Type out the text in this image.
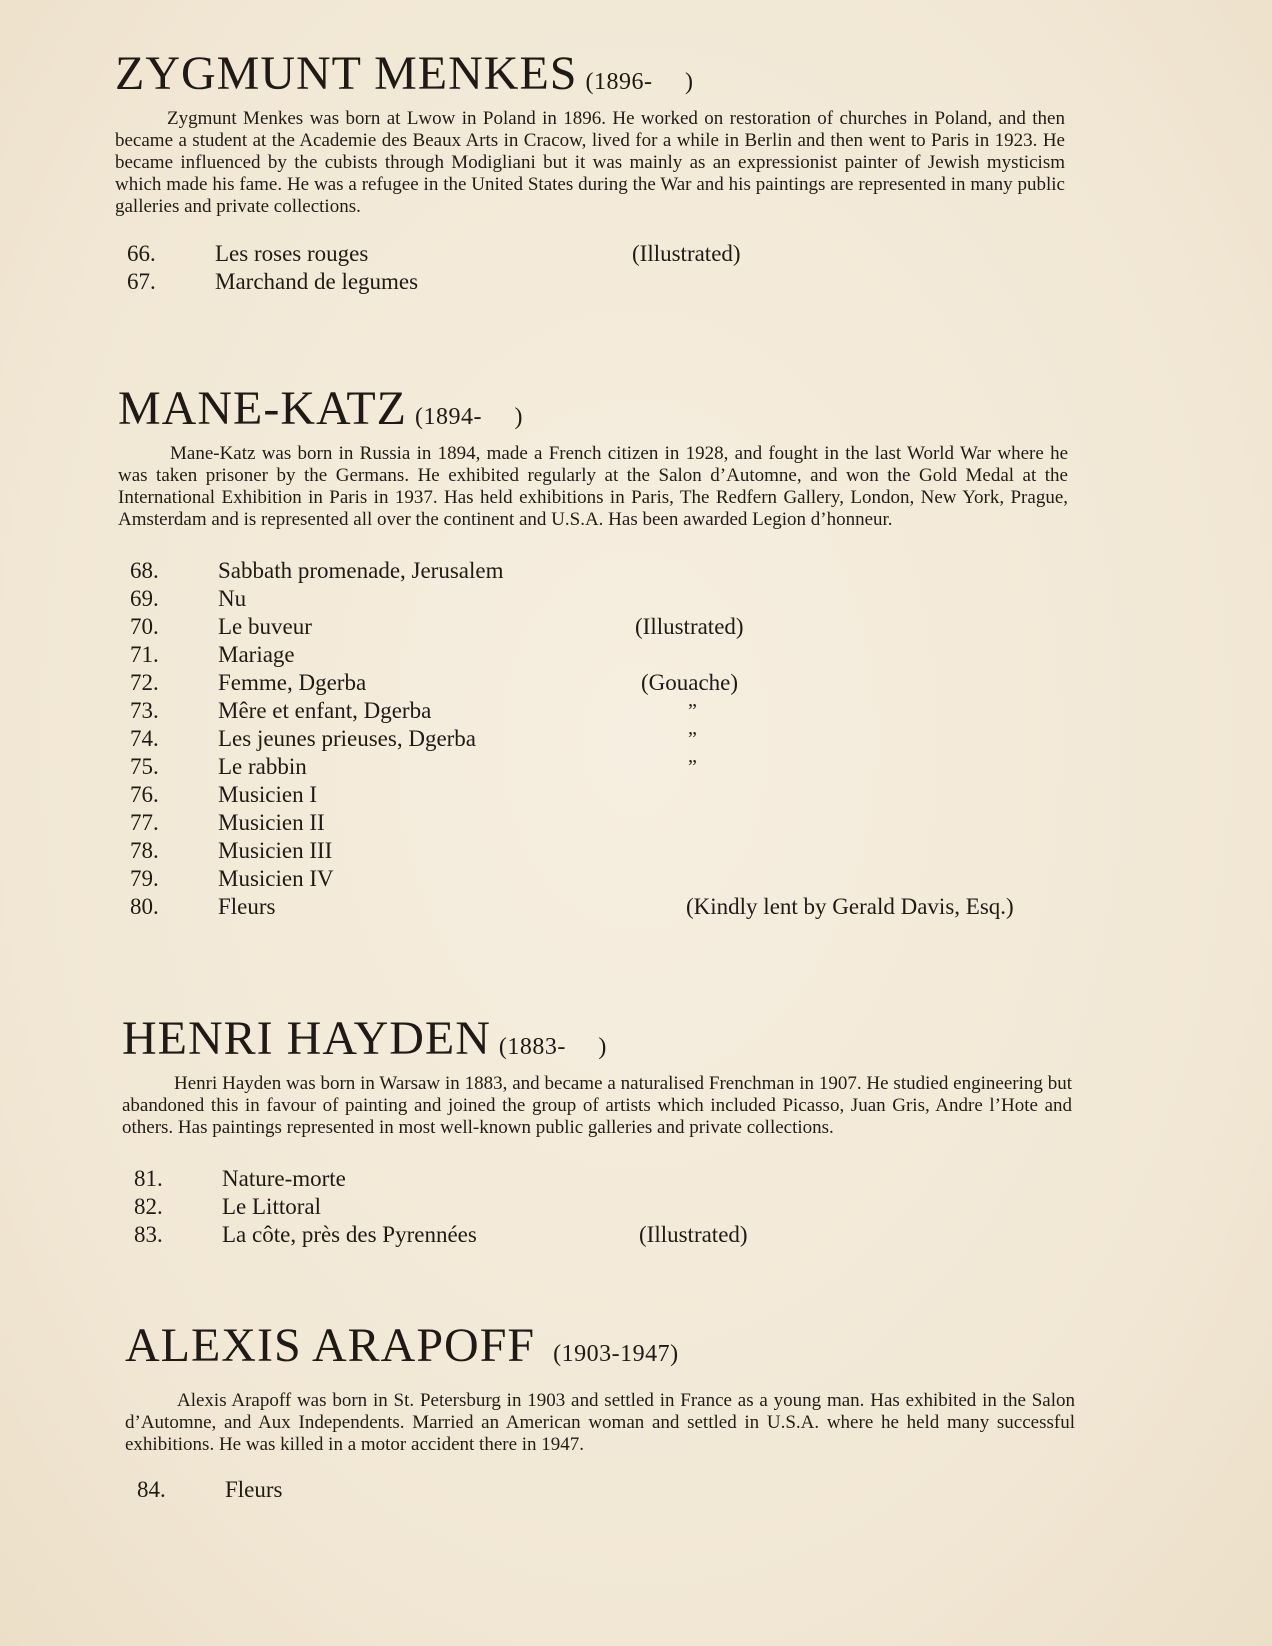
ZYGMUNT MENKES (1896-     )

Zygmunt Menkes was born at Lwow in Poland in 1896. He worked on restoration of churches in Poland, and then became a student at the Academie des Beaux Arts in Cracow, lived for a while in Berlin and then went to Paris in 1923. He became influenced by the cubists through Modigliani but it was mainly as an expressionist painter of Jewish mysticism which made his fame. He was a refugee in the United States during the War and his paintings are represented in many public galleries and private collections.

66.	Les roses rouges	(Illustrated)
67.	Marchand de legumes
MANE-KATZ (1894-     )

Mane-Katz was born in Russia in 1894, made a French citizen in 1928, and fought in the last World War where he was taken prisoner by the Germans. He exhibited regularly at the Salon d’Automne, and won the Gold Medal at the International Exhibition in Paris in 1937. Has held exhibitions in Paris, The Redfern Gallery, London, New York, Prague, Amsterdam and is represented all over the continent and U.S.A. Has been awarded Legion d’honneur.

68.	Sabbath promenade, Jerusalem
69.	Nu
70.	Le buveur	(Illustrated)
71.	Mariage
72.	Femme, Dgerba	(Gouache)
73.	Mêre et enfant, Dgerba	”
74.	Les jeunes prieuses, Dgerba	”
75.	Le rabbin	”
76.	Musicien I
77.	Musicien II
78.	Musicien III
79.	Musicien IV
80.	Fleurs	(Kindly lent by Gerald Davis, Esq.)
HENRI HAYDEN (1883-     )

Henri Hayden was born in Warsaw in 1883, and became a naturalised Frenchman in 1907. He studied engineering but abandoned this in favour of painting and joined the group of artists which included Picasso, Juan Gris, Andre l’Hote and others. Has paintings represented in most well-known public galleries and private collections.

81.	Nature-morte
82.	Le Littoral
83.	La côte, près des Pyrennées	(Illustrated)
ALEXIS ARAPOFF (1903-1947)

Alexis Arapoff was born in St. Petersburg in 1903 and settled in France as a young man. Has exhibited in the Salon d’Automne, and Aux Independents. Married an American woman and settled in U.S.A. where he held many successful exhibitions. He was killed in a motor accident there in 1947.

84.	Fleurs
